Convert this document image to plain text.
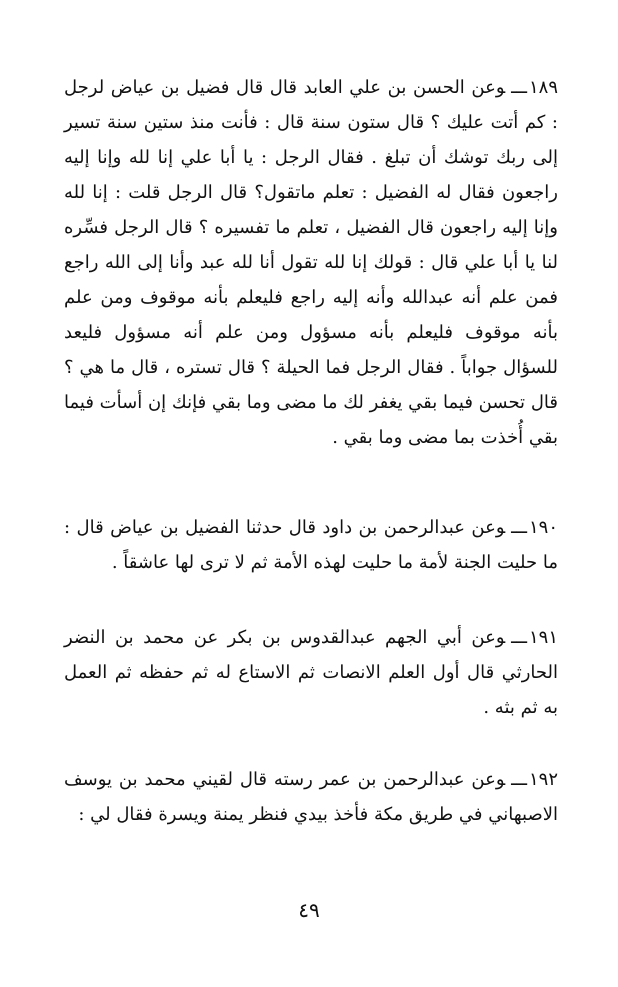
١٨٩ـــوعن الحسن بن علي العابد قال قال فضيل بن عياض لرجل : كم أتت عليك ؟ قال ستون سنة قال : فأنت منذ ستين سنة تسير إلى ربك توشك أن تبلغ . فقال الرجل : يا أبا علي إنا لله وإنا إليه راجعون فقال له الفضيل : تعلم ماتقول؟ قال الرجل قلت : إنا لله وإنا إليه راجعون قال الفضيل ، تعلم ما تفسيره ؟ قال الرجل فسِّره لنا يا أبا علي قال : قولك إنا لله تقول أنا لله عبد وأنا إلى الله راجع فمن علم أنه عبدالله وأنه إليه راجع فليعلم بأنه موقوف ومن علم بأنه موقوف فليعلم بأنه مسؤول ومن علم أنه مسؤول فليعد للسؤال جواباً . فقال الرجل فما الحيلة ؟ قال تستره ، قال ما هي ؟ قال تحسن فيما بقي يغفر لك ما مضى وما بقي فإنك إن أسأت فيما بقي أُخذت بما مضى وما بقي .

١٩٠ـــوعن عبدالرحمن بن داود قال حدثنا الفضيل بن عياض قال : ما حليت الجنة لأمة ما حليت لهذه الأمة ثم لا ترى لها عاشقاً .

١٩١ـــوعن أبي الجهم عبدالقدوس بن بكر عن محمد بن النضر الحارثي قال أول العلم الانصات ثم الاستاع له ثم حفظه ثم العمل به ثم بثه .

١٩٢ـــوعن عبدالرحمن بن عمر رسته قال لقيني محمد بن يوسف الاصبهاني في طريق مكة فأخذ بيدي فنظر يمنة ويسرة فقال لي :

٤٩
